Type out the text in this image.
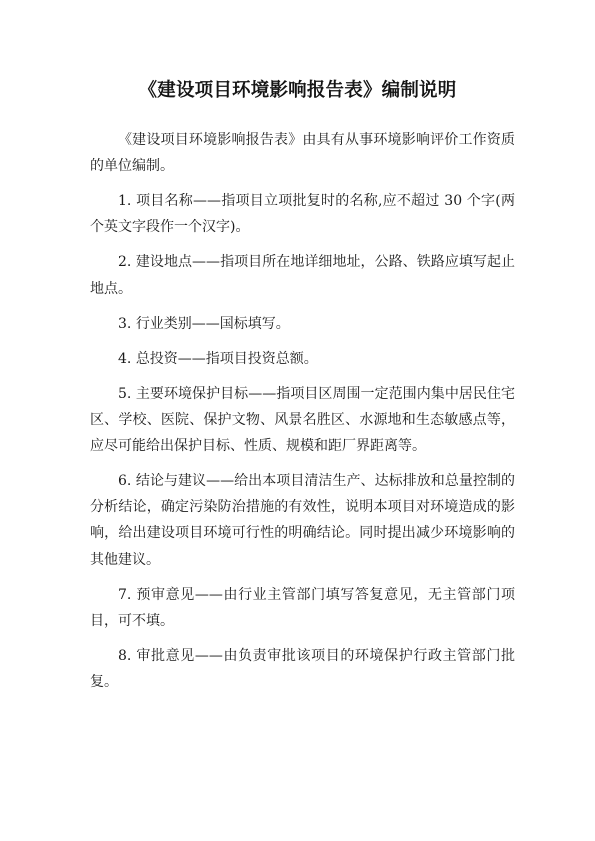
《建设项目环境影响报告表》编制说明

《建设项目环境影响报告表》由具有从事环境影响评价工作资质的单位编制。

1. 项目名称——指项目立项批复时的名称,应不超过 30 个字(两个英文字段作一个汉字)。

2. 建设地点——指项目所在地详细地址，公路、铁路应填写起止地点。

3. 行业类别——国标填写。

4. 总投资——指项目投资总额。

5. 主要环境保护目标——指项目区周围一定范围内集中居民住宅区、学校、医院、保护文物、风景名胜区、水源地和生态敏感点等，应尽可能给出保护目标、性质、规模和距厂界距离等。

6. 结论与建议——给出本项目清洁生产、达标排放和总量控制的分析结论，确定污染防治措施的有效性，说明本项目对环境造成的影响，给出建设项目环境可行性的明确结论。同时提出减少环境影响的其他建议。

7. 预审意见——由行业主管部门填写答复意见，无主管部门项目，可不填。

8. 审批意见——由负责审批该项目的环境保护行政主管部门批复。
